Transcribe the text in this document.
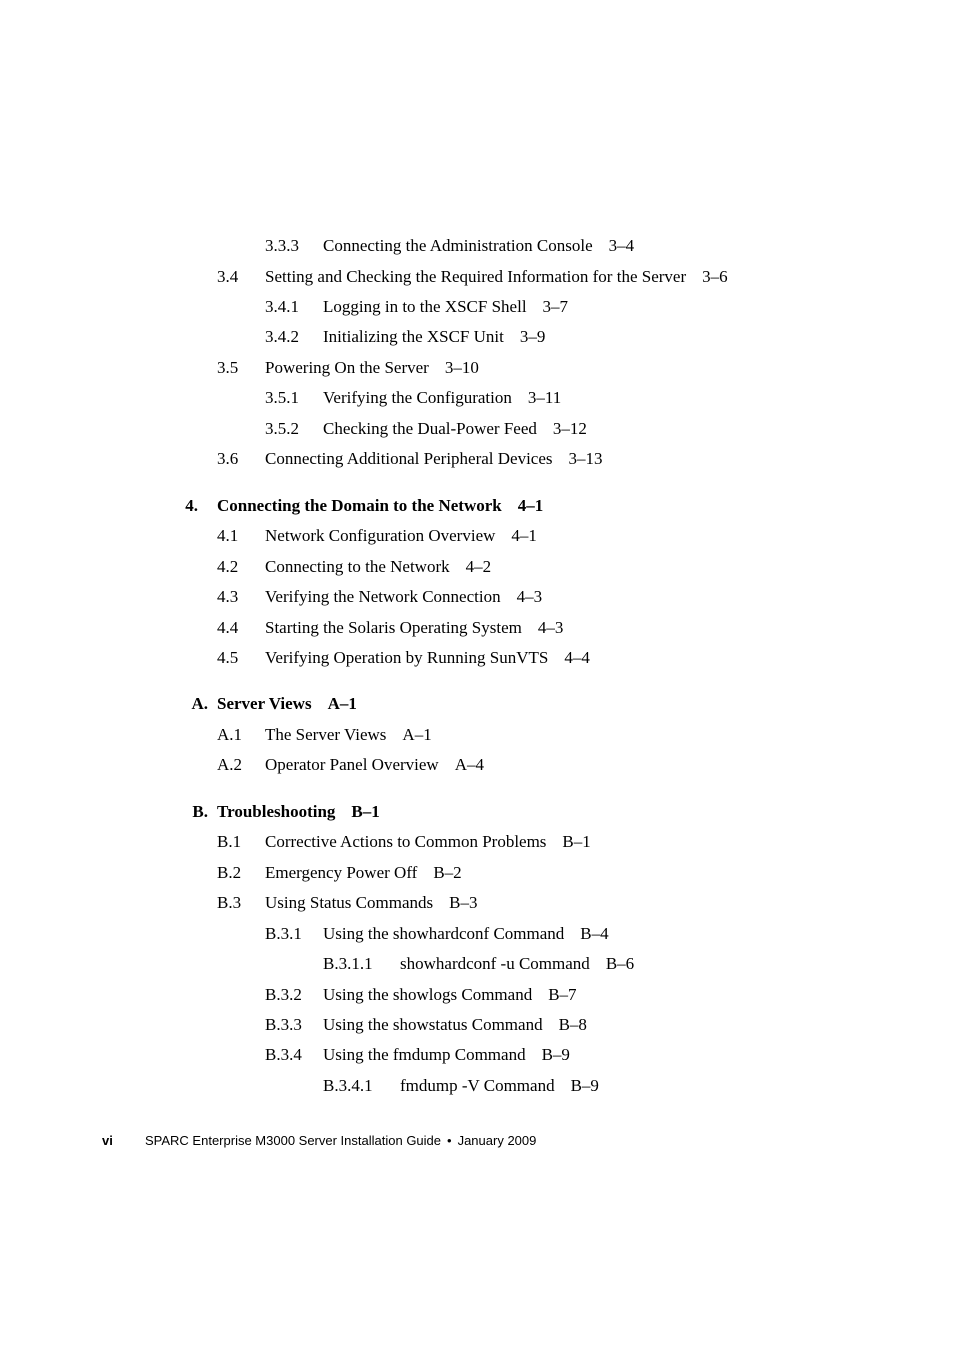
3.3.3 Connecting the Administration Console 3–4
3.4 Setting and Checking the Required Information for the Server 3–6
3.4.1 Logging in to the XSCF Shell 3–7
3.4.2 Initializing the XSCF Unit 3–9
3.5 Powering On the Server 3–10
3.5.1 Verifying the Configuration 3–11
3.5.2 Checking the Dual-Power Feed 3–12
3.6 Connecting Additional Peripheral Devices 3–13
4. Connecting the Domain to the Network 4–1
4.1 Network Configuration Overview 4–1
4.2 Connecting to the Network 4–2
4.3 Verifying the Network Connection 4–3
4.4 Starting the Solaris Operating System 4–3
4.5 Verifying Operation by Running SunVTS 4–4
A. Server Views A–1
A.1 The Server Views A–1
A.2 Operator Panel Overview A–4
B. Troubleshooting B–1
B.1 Corrective Actions to Common Problems B–1
B.2 Emergency Power Off B–2
B.3 Using Status Commands B–3
B.3.1 Using the showhardconf Command B–4
B.3.1.1 showhardconf -u Command B–6
B.3.2 Using the showlogs Command B–7
B.3.3 Using the showstatus Command B–8
B.3.4 Using the fmdump Command B–9
B.3.4.1 fmdump -V Command B–9
vi SPARC Enterprise M3000 Server Installation Guide • January 2009
